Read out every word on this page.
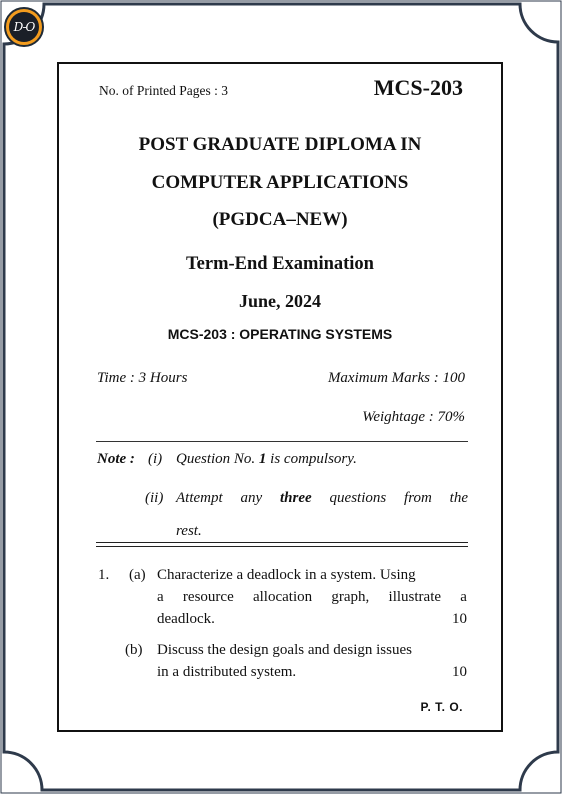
D-O
No. of Printed Pages : 3	MCS-203
POST GRADUATE DIPLOMA IN
COMPUTER APPLICATIONS
(PGDCA–NEW)
Term-End Examination
June, 2024
MCS-203 : OPERATING SYSTEMS
Time : 3 Hours	Maximum Marks : 100
Weightage : 70%
Note : (i) Question No. 1 is compulsory.
(ii) Attempt any three questions from the
rest.
1. (a) Characterize a deadlock in a system. Using
a resource allocation graph, illustrate a
deadlock.	10
(b) Discuss the design goals and design issues
in a distributed system.	10
P. T. O.
